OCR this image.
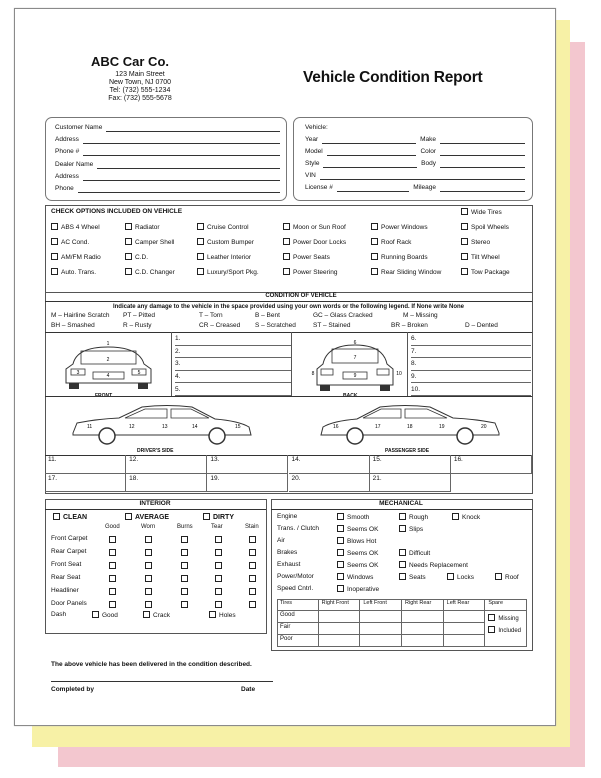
ABC Car Co.
123 Main Street
New Town, NJ 0700
Tel: (732) 555-1234
Fax: (732) 555-5678
Vehicle Condition Report
Customer Name
Address
Phone #
Dealer Name
Address
Phone
Vehicle:
Year	Make
Model	Color
Style	Body
VIN
License #	Mileage
CHECK OPTIONS INCLUDED ON VEHICLE	Wide Tires
ABS 4 Wheel	Radiator	Cruise Control	Moon or Sun Roof	Power Windows	Spoil Wheels
AC Cond.	Camper Shell	Custom Bumper	Power Door Locks	Roof Rack	Stereo
AM/FM Radio	C.D.	Leather Interior	Power Seats	Running Boards	Tilt Wheel
Auto. Trans.	C.D. Changer	Luxury/Sport Pkg.	Power Steering	Rear Sliding Window	Tow Package
CONDITION OF VEHICLE
Indicate any damage to the vehicle in the space provided using your own words or the following legend. If None write None
M – Hairline Scratch PT – Pitted	T – Torn	B – Bent	GC – Glass Cracked	M – Missing
BH – Smashed	R – Rusty	CR – Creased S – Scratched	ST – Stained	BR – Broken	D – Dented
1.
2.
3.
4.
5.
6.
7.
8.
9.
10.
1
2
3	4	5
FRONT
6
7
8	9	10
BACK
11	12	13	14	15
DRIVER'S SIDE
16	17	18	19	20
PASSENGER SIDE
11.	12.	13.	14.	15.	16.
17.	18.	19.	20.	21.
INTERIOR
CLEAN	AVERAGE	DIRTY
Good	Worn	Burns	Tear	Stain
Front Carpet
Rear Carpet
Front Seat
Rear Seat
Headliner
Door Panels
Dash	Good	Crack	Holes
MECHANICAL
Engine	Smooth	Rough	Knock
Trans. / Clutch	Seems OK	Slips
Air	Blows Hot
Brakes	Seems OK	Difficult
Exhaust	Seems OK	Needs Replacement
Power/Motor	Windows	Seats	Locks	Roof
Speed Cntrl.	Inoperative
Tires	Right Front	Left Front	Right Rear	Left Rear	Spare
Good
Fair
Poor
Missing
Included
The above vehicle has been delivered in the condition described.
Completed by	Date
